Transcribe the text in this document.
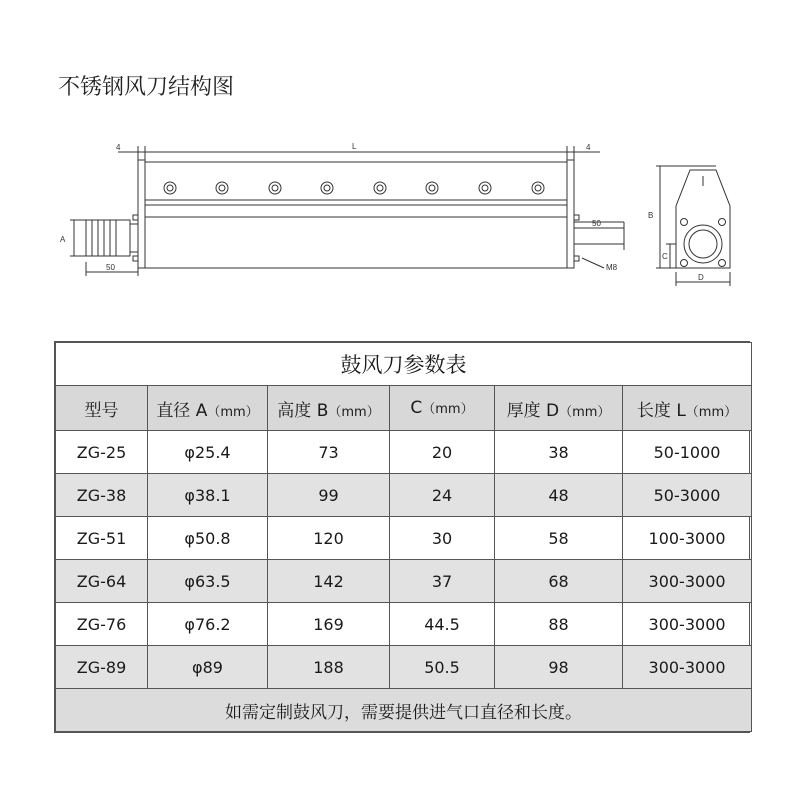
不锈钢风刀结构图
4	L	4
A
50
50
M8
B
C
D
鼓风刀参数表					
型号	直径 A（mm）	高度 B（mm）	C（mm）	厚度 D（mm）	长度 L（mm）
ZG-25	φ25.4	73	20	38	50-1000
ZG-38	φ38.1	99	24	48	50-3000
ZG-51	φ50.8	120	30	58	100-3000
ZG-64	φ63.5	142	37	68	300-3000
ZG-76	φ76.2	169	44.5	88	300-3000
ZG-89	φ89	188	50.5	98	300-3000
如需定制鼓风刀，需要提供进气口直径和长度。					
